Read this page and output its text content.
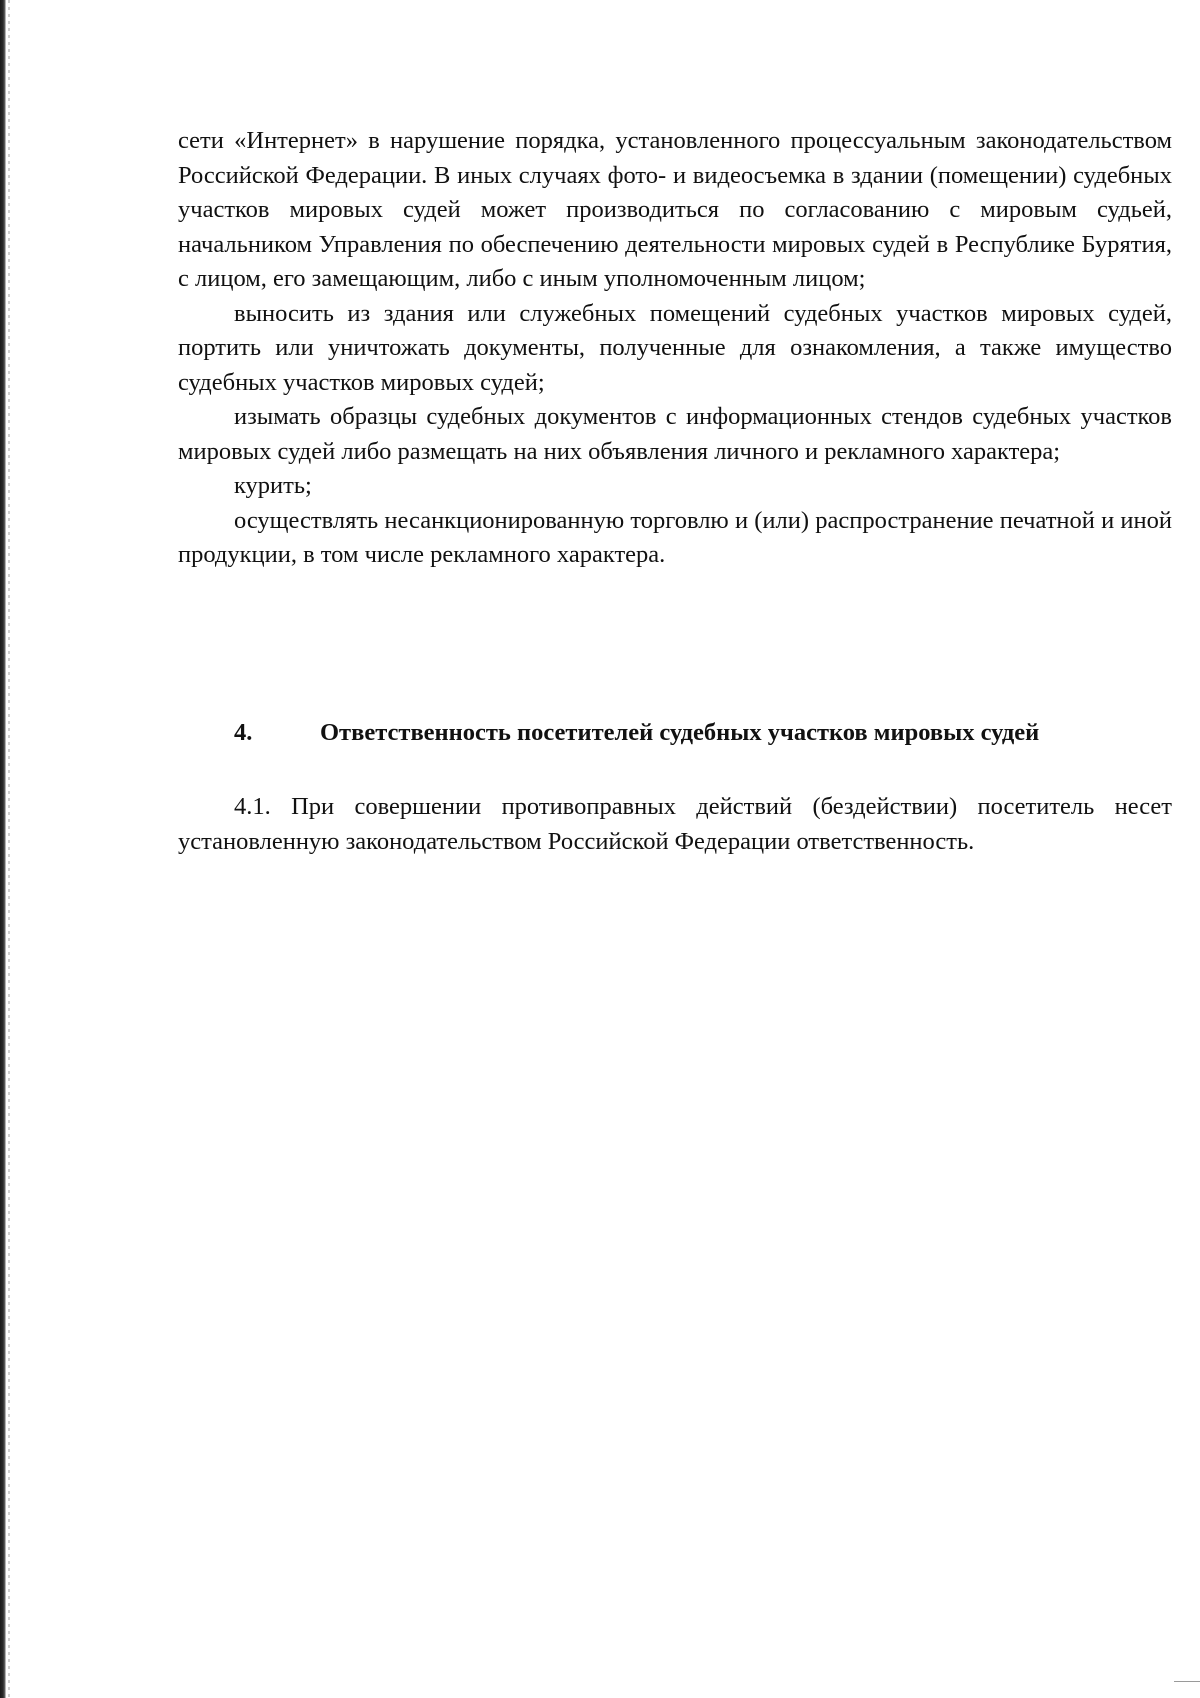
сети «Интернет» в нарушение порядка, установленного процессуальным законодательством Российской Федерации. В иных случаях фото- и видеосъемка в здании (помещении) судебных участков мировых судей может производиться по согласованию с мировым судьей, начальником Управления по обеспечению деятельности мировых судей в Республике Бурятия, с лицом, его замещающим, либо с иным уполномоченным лицом;

выносить из здания или служебных помещений судебных участков мировых судей, портить или уничтожать документы, полученные для ознакомления, а также имущество судебных участков мировых судей;

изымать образцы судебных документов с информационных стендов судебных участков мировых судей либо размещать на них объявления личного и рекламного характера;

курить;

осуществлять несанкционированную торговлю и (или) распространение печатной и иной продукции, в том числе рекламного характера.

4.	Ответственность посетителей судебных участков мировых судей

4.1. При совершении противоправных действий (бездействии) посетитель несет установленную законодательством Российской Федерации ответственность.
